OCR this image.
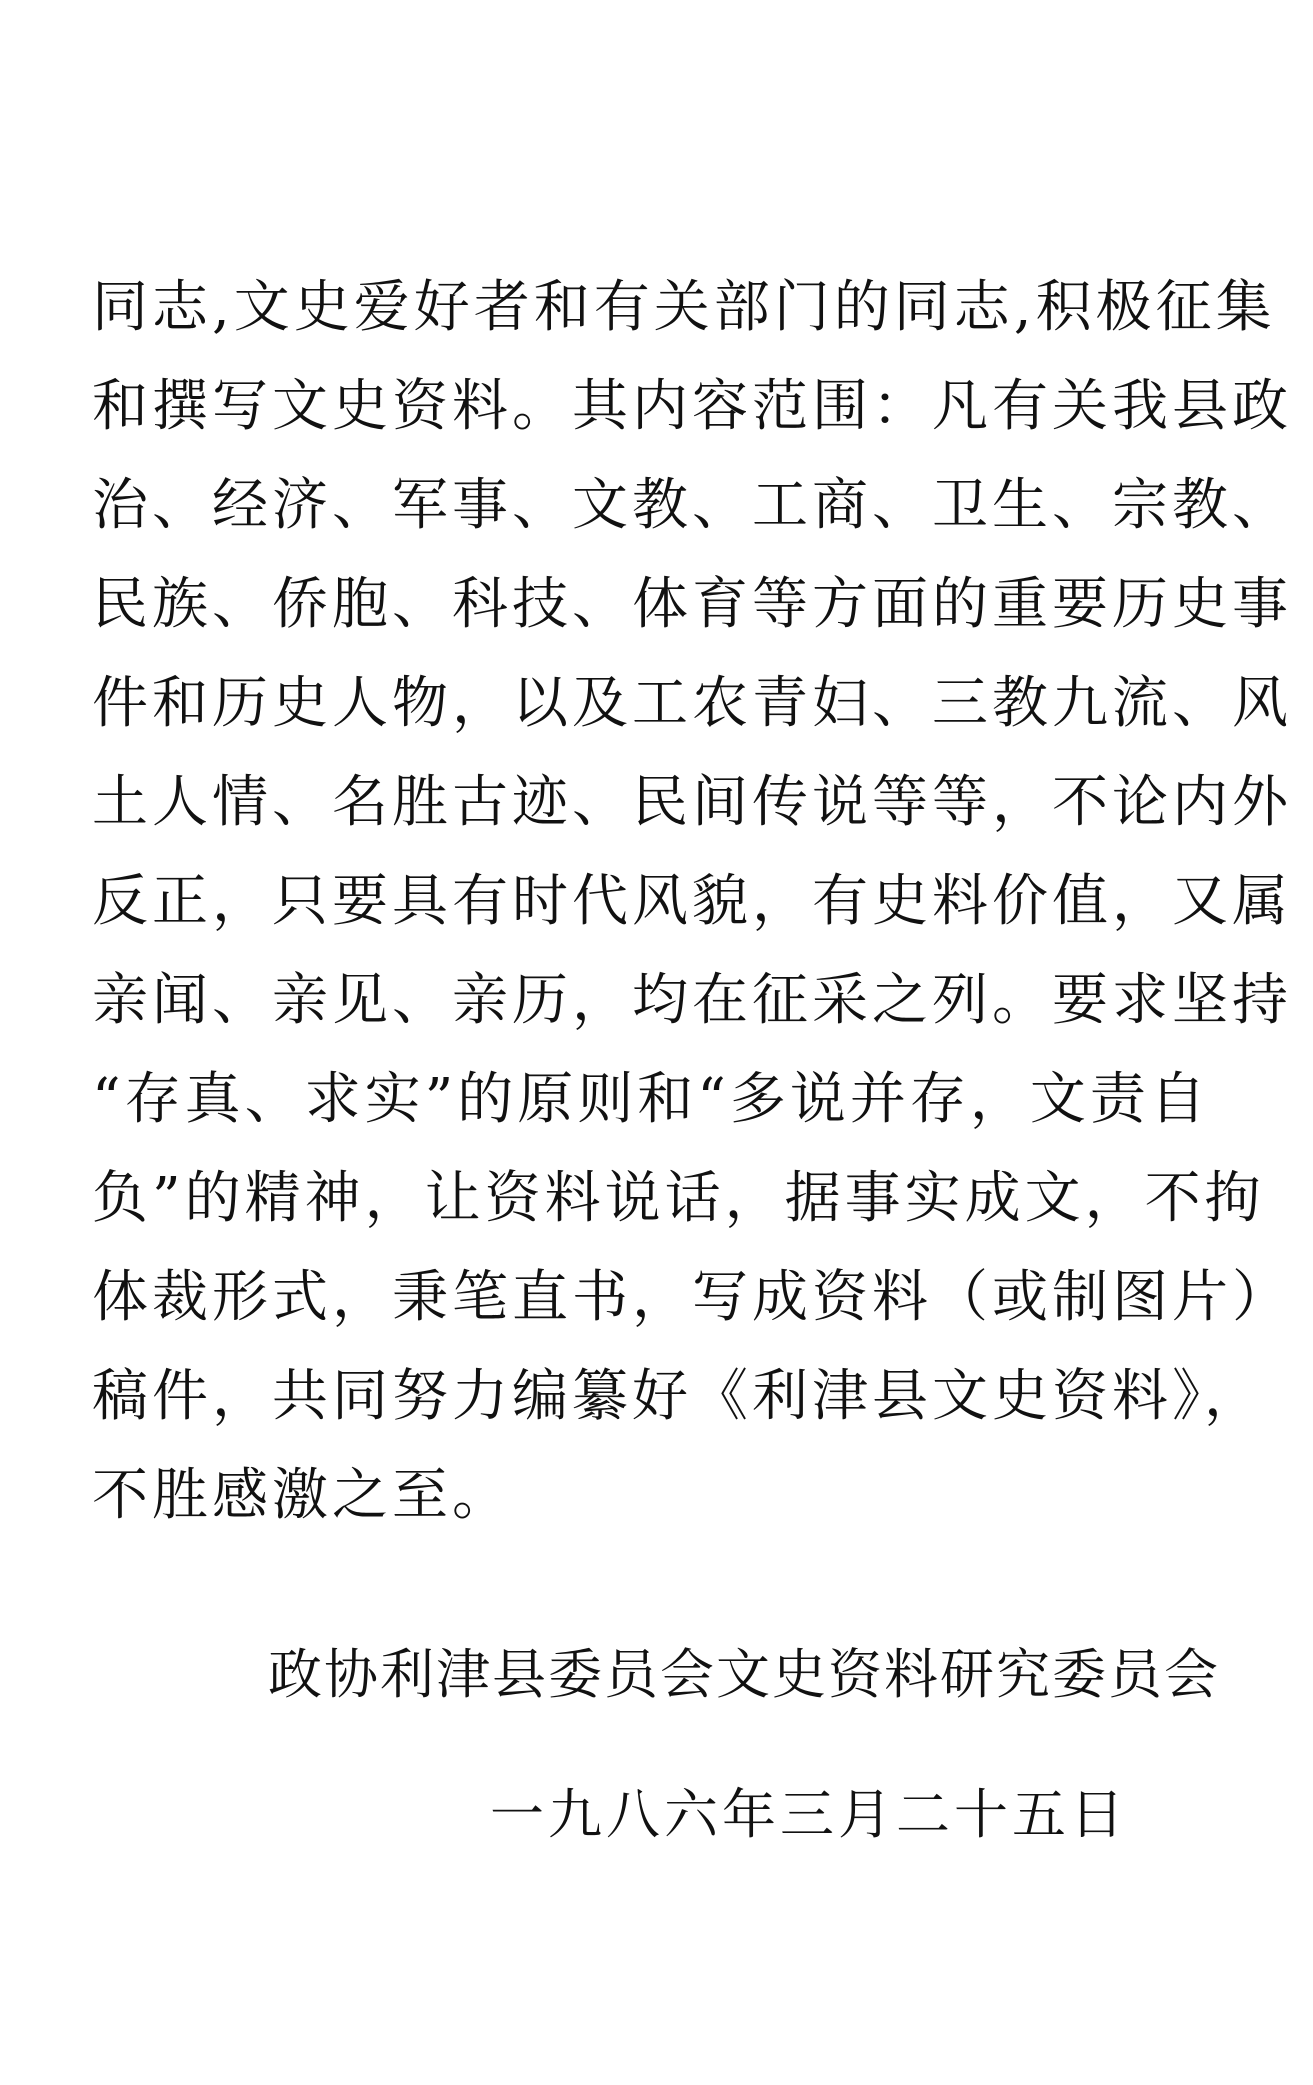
同志,文史爱好者和有关部门的同志,积极征集
和撰写文史资料。其内容范围：凡有关我县政
治、经济、军事、文教、工商、卫生、宗教、
民族、侨胞、科技、体育等方面的重要历史事
件和历史人物，以及工农青妇、三教九流、风
土人情、名胜古迹、民间传说等等，不论内外
反正，只要具有时代风貌，有史料价值，又属
亲闻、亲见、亲历，均在征采之列。要求坚持
“存真、求实”的原则和“多说并存，文责自
负”的精神，让资料说话，据事实成文，不拘
体裁形式，秉笔直书，写成资料（或制图片）
稿件，共同努力编纂好《利津县文史资料》，
不胜感激之至。
政协利津县委员会文史资料研究委员会
一九八六年三月二十五日
